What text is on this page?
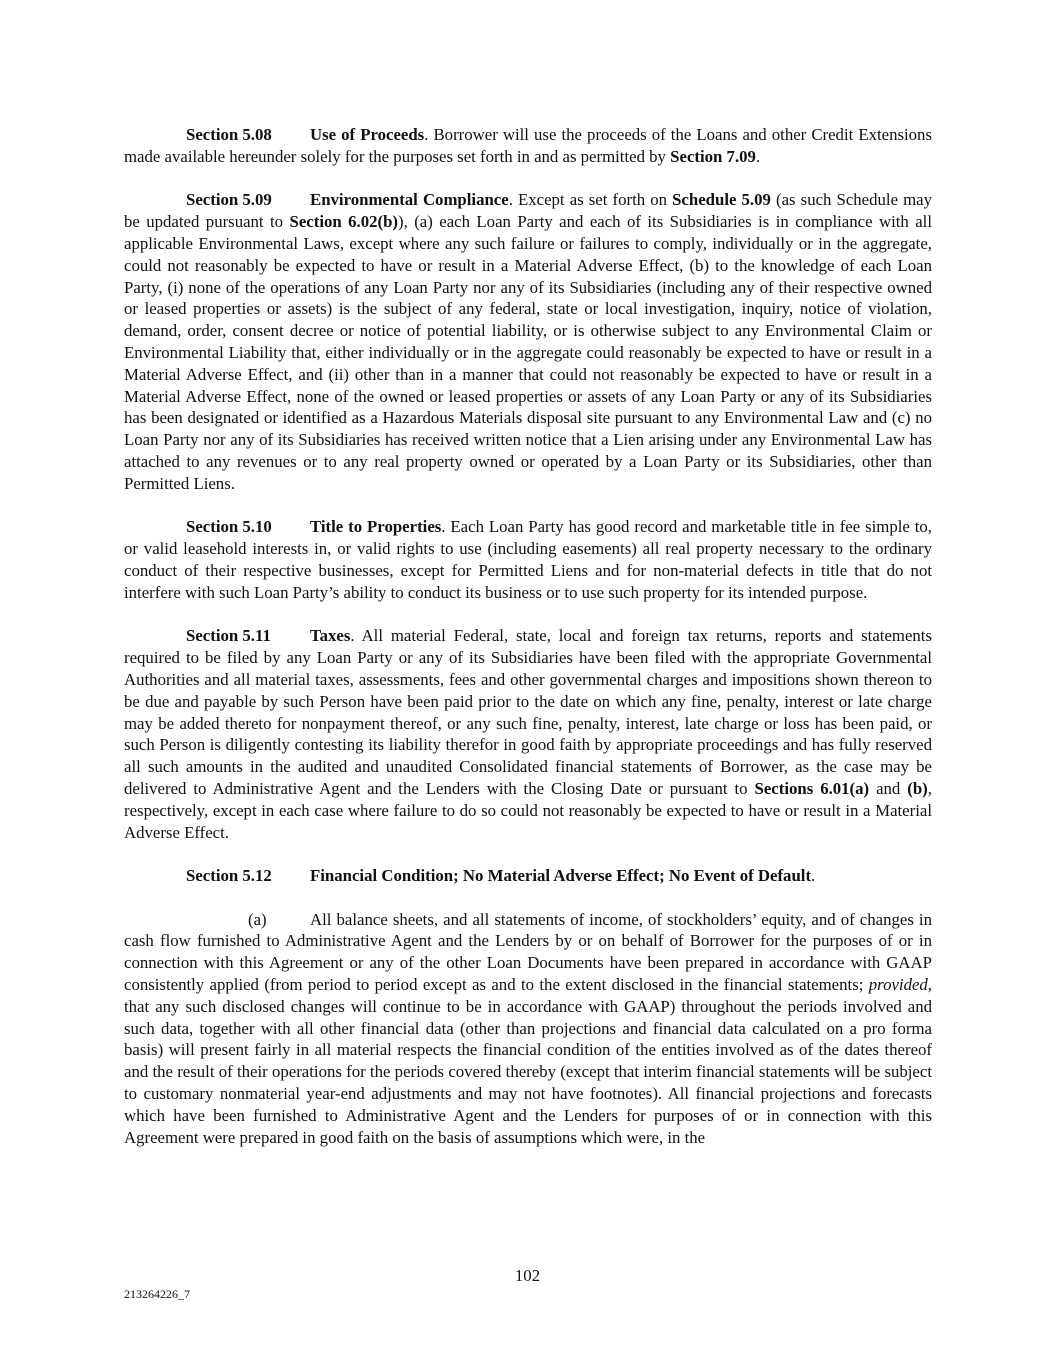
Section 5.08 Use of Proceeds. Borrower will use the proceeds of the Loans and other Credit Extensions made available hereunder solely for the purposes set forth in and as permitted by Section 7.09.

Section 5.09 Environmental Compliance. Except as set forth on Schedule 5.09 (as such Schedule may be updated pursuant to Section 6.02(b)), (a) each Loan Party and each of its Subsidiaries is in compliance with all applicable Environmental Laws, except where any such failure or failures to comply, individually or in the aggregate, could not reasonably be expected to have or result in a Material Adverse Effect, (b) to the knowledge of each Loan Party, (i) none of the operations of any Loan Party nor any of its Subsidiaries (including any of their respective owned or leased properties or assets) is the subject of any federal, state or local investigation, inquiry, notice of violation, demand, order, consent decree or notice of potential liability, or is otherwise subject to any Environmental Claim or Environmental Liability that, either individually or in the aggregate could reasonably be expected to have or result in a Material Adverse Effect, and (ii) other than in a manner that could not reasonably be expected to have or result in a Material Adverse Effect, none of the owned or leased properties or assets of any Loan Party or any of its Subsidiaries has been designated or identified as a Hazardous Materials disposal site pursuant to any Environmental Law and (c) no Loan Party nor any of its Subsidiaries has received written notice that a Lien arising under any Environmental Law has attached to any revenues or to any real property owned or operated by a Loan Party or its Subsidiaries, other than Permitted Liens.

Section 5.10 Title to Properties. Each Loan Party has good record and marketable title in fee simple to, or valid leasehold interests in, or valid rights to use (including easements) all real property necessary to the ordinary conduct of their respective businesses, except for Permitted Liens and for non-material defects in title that do not interfere with such Loan Party’s ability to conduct its business or to use such property for its intended purpose.

Section 5.11 Taxes. All material Federal, state, local and foreign tax returns, reports and statements required to be filed by any Loan Party or any of its Subsidiaries have been filed with the appropriate Governmental Authorities and all material taxes, assessments, fees and other governmental charges and impositions shown thereon to be due and payable by such Person have been paid prior to the date on which any fine, penalty, interest or late charge may be added thereto for nonpayment thereof, or any such fine, penalty, interest, late charge or loss has been paid, or such Person is diligently contesting its liability therefor in good faith by appropriate proceedings and has fully reserved all such amounts in the audited and unaudited Consolidated financial statements of Borrower, as the case may be delivered to Administrative Agent and the Lenders with the Closing Date or pursuant to Sections 6.01(a) and (b), respectively, except in each case where failure to do so could not reasonably be expected to have or result in a Material Adverse Effect.

Section 5.12 Financial Condition; No Material Adverse Effect; No Event of Default.

(a)	All balance sheets, and all statements of income, of stockholders’ equity, and of changes in cash flow furnished to Administrative Agent and the Lenders by or on behalf of Borrower for the purposes of or in connection with this Agreement or any of the other Loan Documents have been prepared in accordance with GAAP consistently applied (from period to period except as and to the extent disclosed in the financial statements; provided, that any such disclosed changes will continue to be in accordance with GAAP) throughout the periods involved and such data, together with all other financial data (other than projections and financial data calculated on a pro forma basis) will present fairly in all material respects the financial condition of the entities involved as of the dates thereof and the result of their operations for the periods covered thereby (except that interim financial statements will be subject to customary nonmaterial year-end adjustments and may not have footnotes). All financial projections and forecasts which have been furnished to Administrative Agent and the Lenders for purposes of or in connection with this Agreement were prepared in good faith on the basis of assumptions which were, in the

102
213264226_7
